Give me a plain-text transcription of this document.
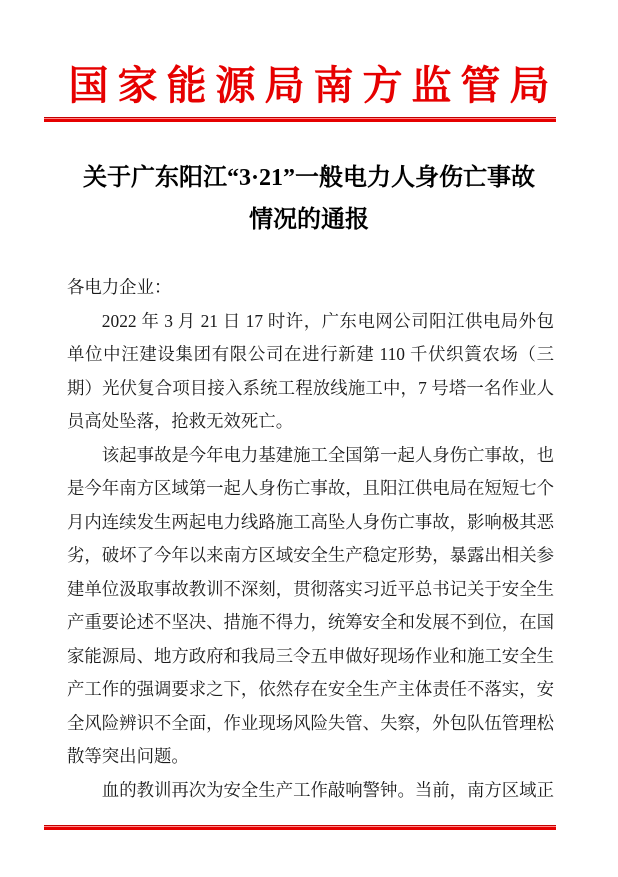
国家能源局南方监管局
关于广东阳江“3·21”一般电力人身伤亡事故
情况的通报

各电力企业：

2022 年 3 月 21 日 17 时许，广东电网公司阳江供电局外包单位中汪建设集团有限公司在进行新建 110 千伏织篢农场（三期）光伏复合项目接入系统工程放线施工中，7 号塔一名作业人员高处坠落，抢救无效死亡。

该起事故是今年电力基建施工全国第一起人身伤亡事故，也是今年南方区域第一起人身伤亡事故，且阳江供电局在短短七个月内连续发生两起电力线路施工高坠人身伤亡事故，影响极其恶劣，破坏了今年以来南方区域安全生产稳定形势，暴露出相关参建单位汲取事故教训不深刻，贯彻落实习近平总书记关于安全生产重要论述不坚决、措施不得力，统筹安全和发展不到位，在国家能源局、地方政府和我局三令五申做好现场作业和施工安全生产工作的强调要求之下，依然存在安全生产主体责任不落实，安全风险辨识不全面，作业现场风险失管、失察，外包队伍管理松散等突出问题。

血的教训再次为安全生产工作敲响警钟。当前，南方区域正
